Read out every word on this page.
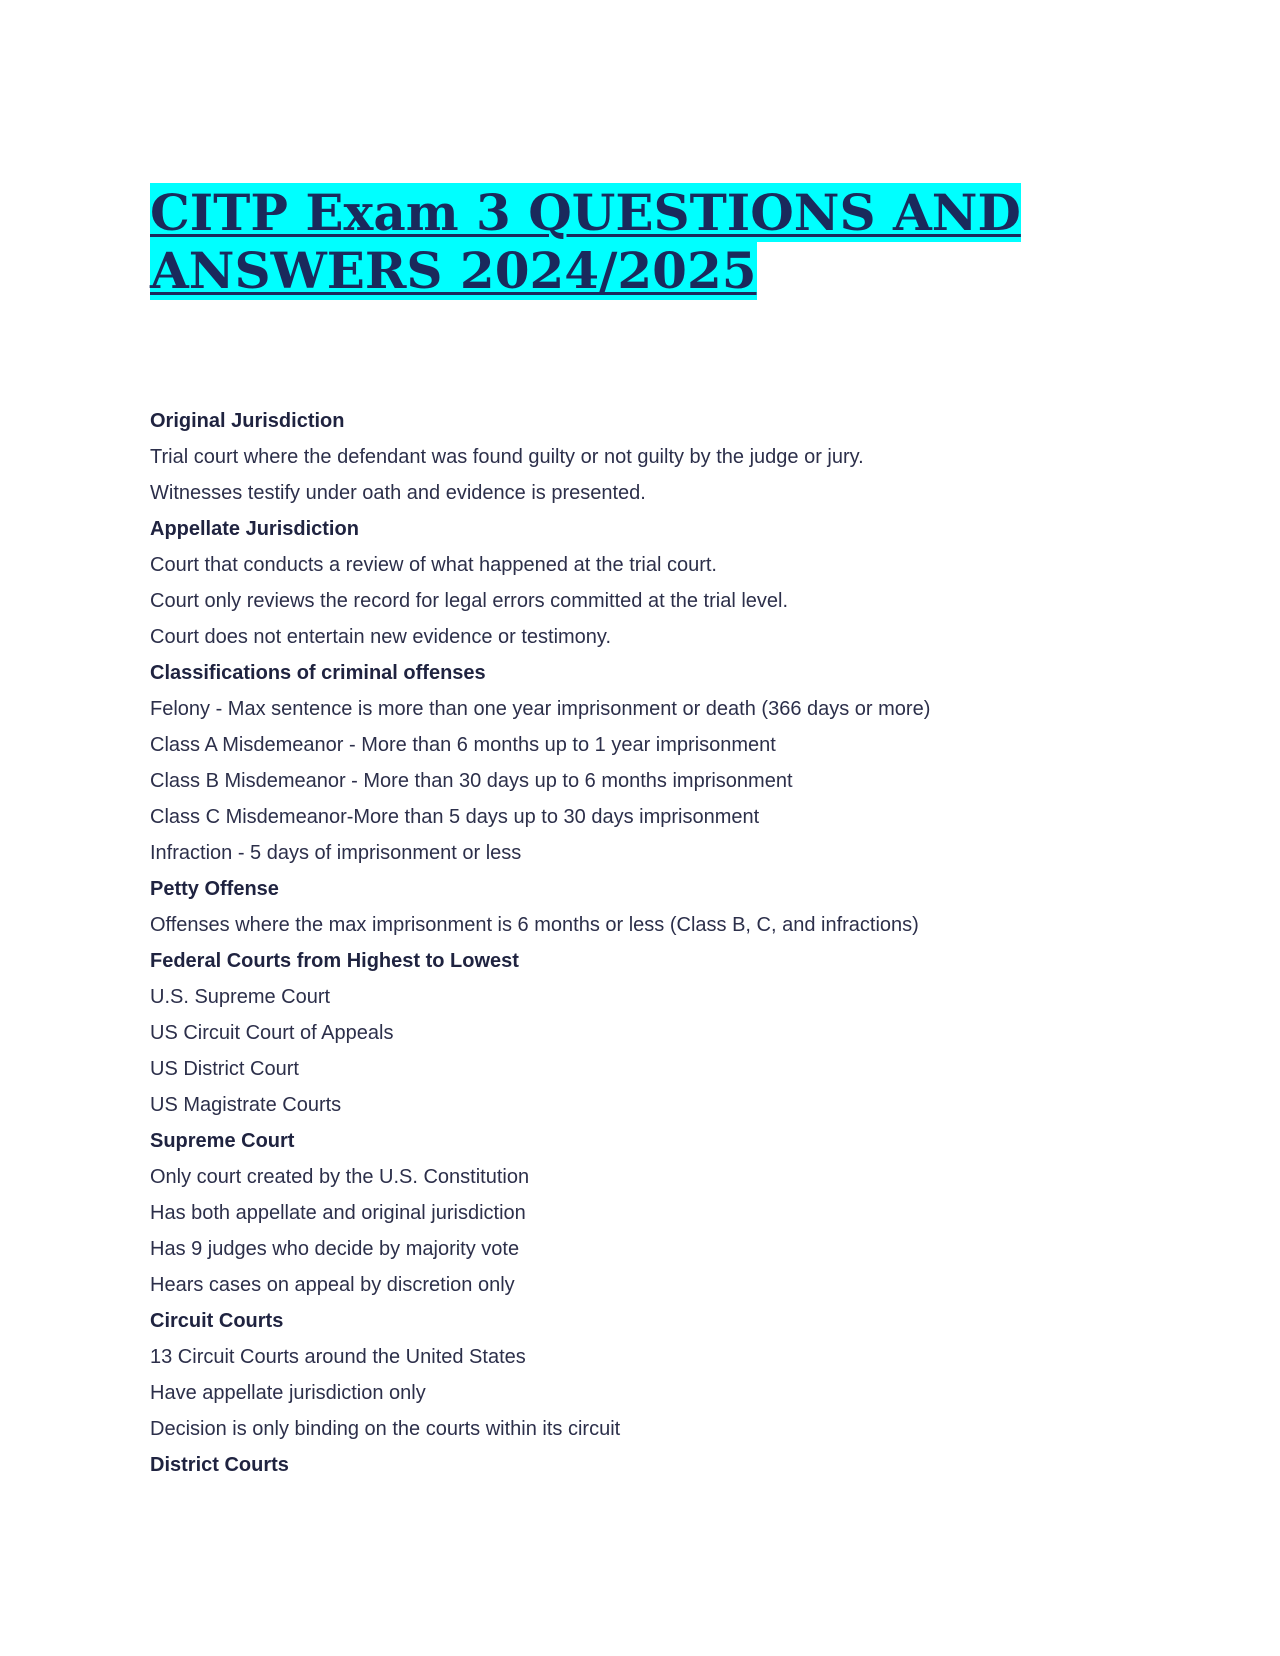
CITP Exam 3 QUESTIONS AND ANSWERS 2024/2025
Original Jurisdiction
Trial court where the defendant was found guilty or not guilty by the judge or jury.
Witnesses testify under oath and evidence is presented.
Appellate Jurisdiction
Court that conducts a review of what happened at the trial court.
Court only reviews the record for legal errors committed at the trial level.
Court does not entertain new evidence or testimony.
Classifications of criminal offenses
Felony - Max sentence is more than one year imprisonment or death (366 days or more)
Class A Misdemeanor - More than 6 months up to 1 year imprisonment
Class B Misdemeanor - More than 30 days up to 6 months imprisonment
Class C Misdemeanor-More than 5 days up to 30 days imprisonment
Infraction - 5 days of imprisonment or less
Petty Offense
Offenses where the max imprisonment is 6 months or less (Class B, C, and infractions)
Federal Courts from Highest to Lowest
U.S. Supreme Court
US Circuit Court of Appeals
US District Court
US Magistrate Courts
Supreme Court
Only court created by the U.S. Constitution
Has both appellate and original jurisdiction
Has 9 judges who decide by majority vote
Hears cases on appeal by discretion only
Circuit Courts
13 Circuit Courts around the United States
Have appellate jurisdiction only
Decision is only binding on the courts within its circuit
District Courts
